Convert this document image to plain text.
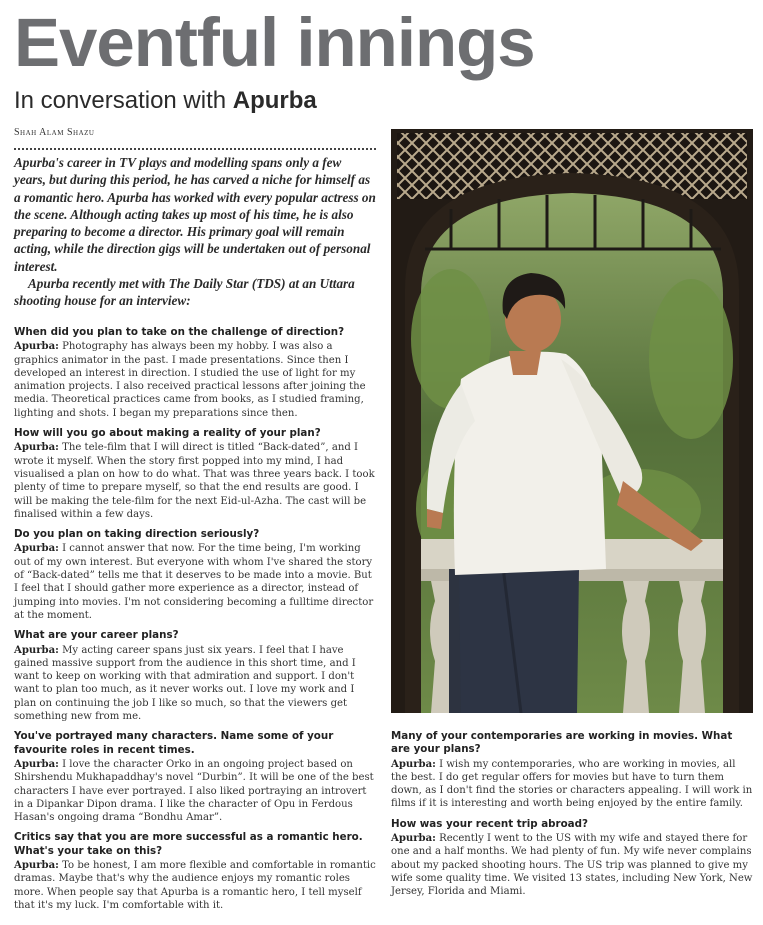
Eventful innings
In conversation with Apurba
Shah Alam Shazu

Apurba's career in TV plays and modelling spans only a few years, but during this period, he has carved a niche for himself as a romantic hero. Apurba has worked with every popular actress on the scene. Although acting takes up most of his time, he is also preparing to become a director. His primary goal will remain acting, while the direction gigs will be undertaken out of personal interest.

Apurba recently met with The Daily Star (TDS) at an Uttara shooting house for an interview:

When did you plan to take on the challenge of direction?

Apurba: Photography has always been my hobby. I was also a graphics animator in the past. I made presentations. Since then I developed an interest in direction. I studied the use of light for my animation projects. I also received practical lessons after joining the media. Theoretical practices came from books, as I studied framing, lighting and shots. I began my preparations since then.

How will you go about making a reality of your plan?

Apurba: The tele-film that I will direct is titled “Back-dated”, and I wrote it myself. When the story first popped into my mind, I had visualised a plan on how to do what. That was three years back. I took plenty of time to prepare myself, so that the end results are good. I will be making the tele-film for the next Eid-ul-Azha. The cast will be finalised within a few days.

Do you plan on taking direction seriously?

Apurba: I cannot answer that now. For the time being, I'm working out of my own interest. But everyone with whom I've shared the story of “Back-dated” tells me that it deserves to be made into a movie. But I feel that I should gather more experience as a director, instead of jumping into movies. I'm not considering becoming a fulltime director at the moment.

What are your career plans?

Apurba: My acting career spans just six years. I feel that I have gained massive support from the audience in this short time, and I want to keep on working with that admiration and support. I don't want to plan too much, as it never works out. I love my work and I plan on continuing the job I like so much, so that the viewers get something new from me.

You've portrayed many characters. Name some of your favourite roles in recent times.

Apurba: I love the character Orko in an ongoing project based on Shirshendu Mukhapaddhay's novel “Durbin”. It will be one of the best characters I have ever portrayed. I also liked portraying an introvert in a Dipankar Dipon drama. I like the character of Opu in Ferdous Hasan's ongoing drama “Bondhu Amar”.

Critics say that you are more successful as a romantic hero. What's your take on this?

Apurba: To be honest, I am more flexible and comfortable in romantic dramas. Maybe that's why the audience enjoys my romantic roles more. When people say that Apurba is a romantic hero, I tell myself that it's my luck. I'm comfortable with it.

Many of your contemporaries are working in movies. What are your plans?

Apurba: I wish my contemporaries, who are working in movies, all the best. I do get regular offers for movies but have to turn them down, as I don't find the stories or characters appealing. I will work in films if it is interesting and worth being enjoyed by the entire family.

How was your recent trip abroad?

Apurba: Recently I went to the US with my wife and stayed there for one and a half months. We had plenty of fun. My wife never complains about my packed shooting hours. The US trip was planned to give my wife some quality time. We visited 13 states, including New York, New Jersey, Florida and Miami.
